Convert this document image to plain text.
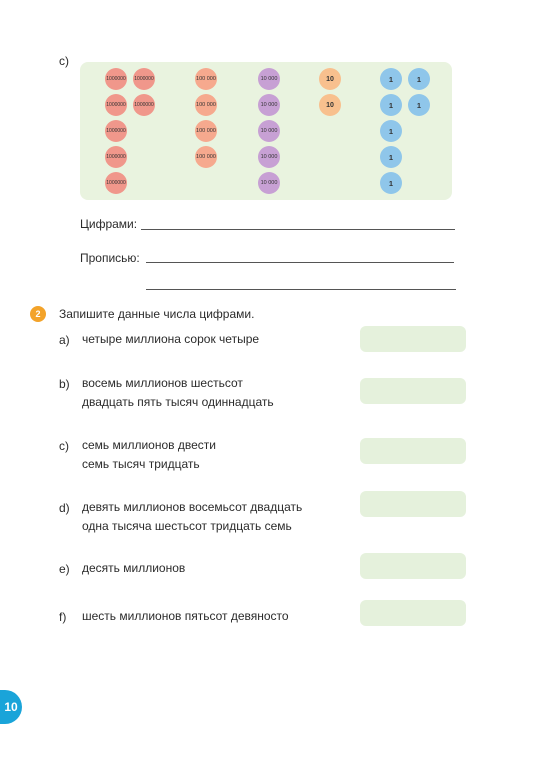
c)
1000000
1000000
1000000
1000000
1000000
1000000
1000000
100 000
100 000
100 000
100 000
10 000
10 000
10 000
10 000
10 000
10
10
1
1
1
1
1
1
1
Цифрами:
Прописью:
2	Запишите данные числа цифрами.
a) четыре миллиона сорок четыре
b) восемь миллионов шестьсот
двадцать пять тысяч одиннадцать
c) семь миллионов двести
семь тысяч тридцать
d) девять миллионов восемьсот двадцать
одна тысяча шестьсот тридцать семь
e) десять миллионов
f) шесть миллионов пятьсот девяносто
10
